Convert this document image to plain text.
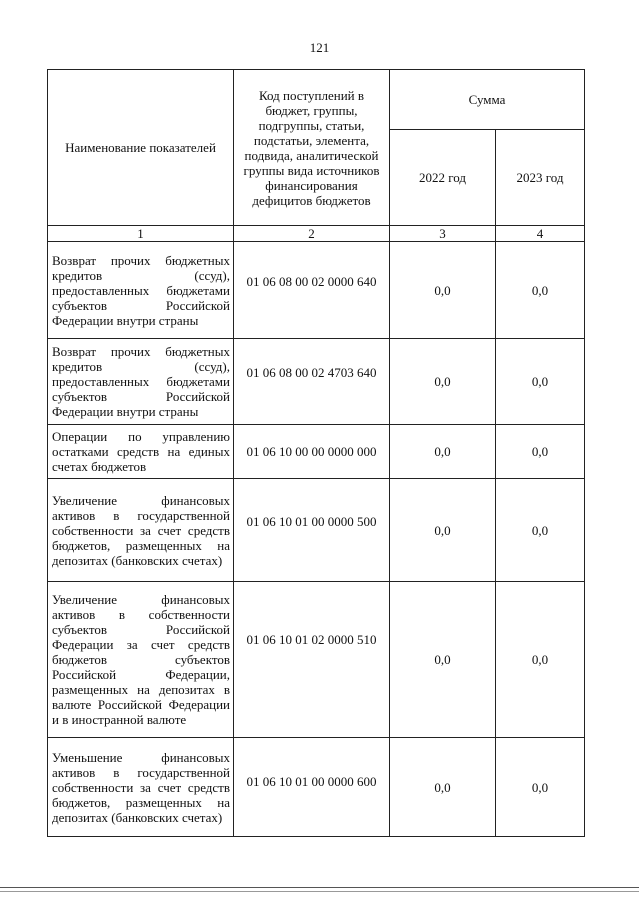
121
Наименование показателей	Код поступлений в бюджет, группы, подгруппы, статьи, подстатьи, элемента, подвида, аналитической группы вида источников финансирования дефицитов бюджетов	Сумма	
		2022 год	2023 год
1	2	3	4
Возврат прочих бюджетных кредитов (ссуд), предоставленных бюджетами субъектов Российской Федерации внутри страны	01 06 08 00 02 0000 640	0,0	0,0
Возврат прочих бюджетных кредитов (ссуд), предоставленных бюджетами субъектов Российской Федерации внутри страны	01 06 08 00 02 4703 640	0,0	0,0
Операции по управлению остатками средств на единых счетах бюджетов	01 06 10 00 00 0000 000	0,0	0,0
Увеличение финансовых активов в государственной собственности за счет средств бюджетов, размещенных на депозитах (банковских счетах)	01 06 10 01 00 0000 500	0,0	0,0
Увеличение финансовых активов в собственности субъектов Российской Федерации за счет средств бюджетов субъектов Российской Федерации, размещенных на депозитах в валюте Российской Федерации и в иностранной валюте	01 06 10 01 02 0000 510	0,0	0,0
Уменьшение финансовых активов в государственной собственности за счет средств бюджетов, размещенных на депозитах (банковских счетах)	01 06 10 01 00 0000 600	0,0	0,0
